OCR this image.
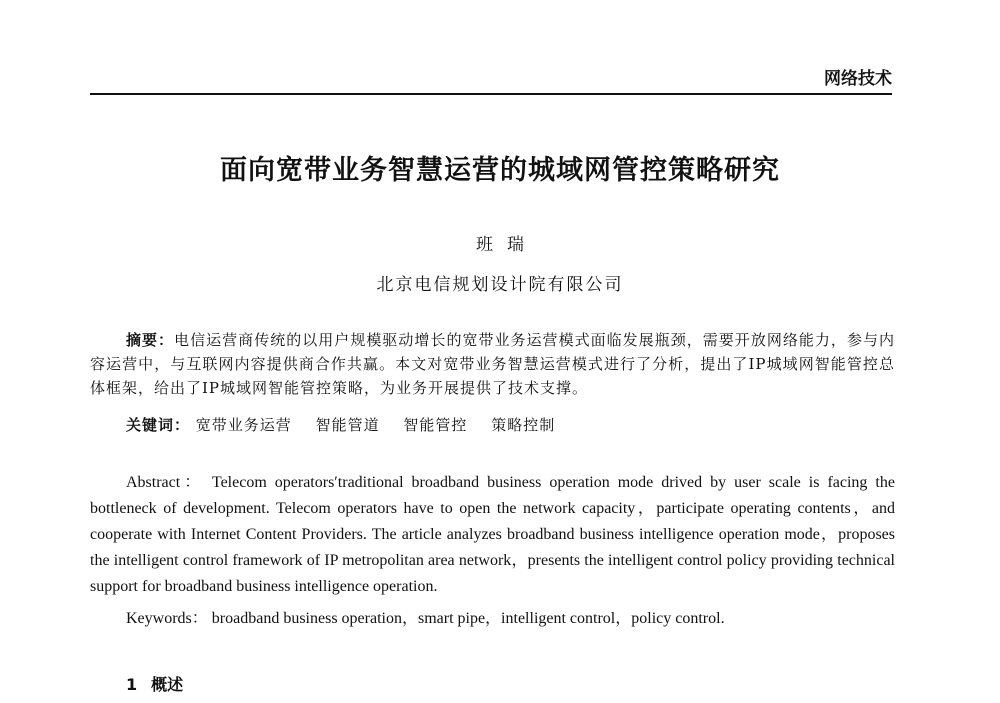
网络技术
面向宽带业务智慧运营的城域网管控策略研究
班瑞
北京电信规划设计院有限公司
摘要：电信运营商传统的以用户规模驱动增长的宽带业务运营模式面临发展瓶颈，需要开放网络能力，参与内容运营中，与互联网内容提供商合作共赢。本文对宽带业务智慧运营模式进行了分析，提出了IP城域网智能管控总体框架，给出了IP城域网智能管控策略，为业务开展提供了技术支撑。
关键词： 宽带业务运营 智能管道 智能管控 策略控制
Abstract： Telecom operators′traditional broadband business operation mode drived by user scale is facing the bottleneck of development. Telecom operators have to open the network capacity，participate operating contents，and cooperate with Internet Content Providers. The article analyzes broadband business intelligence operation mode，proposes the intelligent control framework of IP metropolitan area network，presents the intelligent control policy providing technical support for broadband business intelligence operation.
Keywords： broadband business operation，smart pipe，intelligent control，policy control.
1 概述
